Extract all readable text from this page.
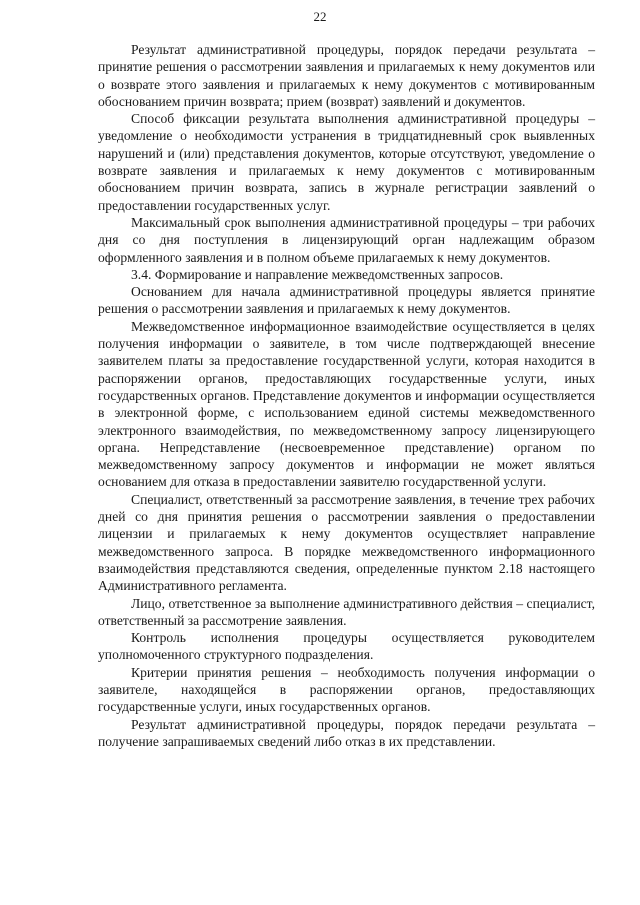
22

Результат административной процедуры, порядок передачи результата – принятие решения о рассмотрении заявления и прилагаемых к нему документов или о возврате этого заявления и прилагаемых к нему документов с мотивированным обоснованием причин возврата; прием (возврат) заявлений и документов.

Способ фиксации результата выполнения административной процедуры – уведомление о необходимости устранения в тридцатидневный срок выявленных нарушений и (или) представления документов, которые отсутствуют, уведомление о возврате заявления и прилагаемых к нему документов с мотивированным обоснованием причин возврата, запись в журнале регистрации заявлений о предоставлении государственных услуг.

Максимальный срок выполнения административной процедуры – три рабочих дня со дня поступления в лицензирующий орган надлежащим образом оформленного заявления и в полном объеме прилагаемых к нему документов.

3.4. Формирование и направление межведомственных запросов.

Основанием для начала административной процедуры является принятие решения о рассмотрении заявления и прилагаемых к нему документов.

Межведомственное информационное взаимодействие осуществляется в целях получения информации о заявителе, в том числе подтверждающей внесение заявителем платы за предоставление государственной услуги, которая находится в распоряжении органов, предоставляющих государственные услуги, иных государственных органов. Представление документов и информации осуществляется в электронной форме, с использованием единой системы межведомственного электронного взаимодействия, по межведомственному запросу лицензирующего органа. Непредставление (несвоевременное представление) органом по межведомственному запросу документов и информации не может являться основанием для отказа в предоставлении заявителю государственной услуги.

Специалист, ответственный за рассмотрение заявления, в течение трех рабочих дней со дня принятия решения о рассмотрении заявления о предоставлении лицензии и прилагаемых к нему документов осуществляет направление межведомственного запроса. В порядке межведомственного информационного взаимодействия представляются сведения, определенные пунктом 2.18 настоящего Административного регламента.

Лицо, ответственное за выполнение административного действия – специалист, ответственный за рассмотрение заявления.

Контроль исполнения процедуры осуществляется руководителем уполномоченного структурного подразделения.

Критерии принятия решения – необходимость получения информации о заявителе, находящейся в распоряжении органов, предоставляющих государственные услуги, иных государственных органов.

Результат административной процедуры, порядок передачи результата – получение запрашиваемых сведений либо отказ в их представлении.
